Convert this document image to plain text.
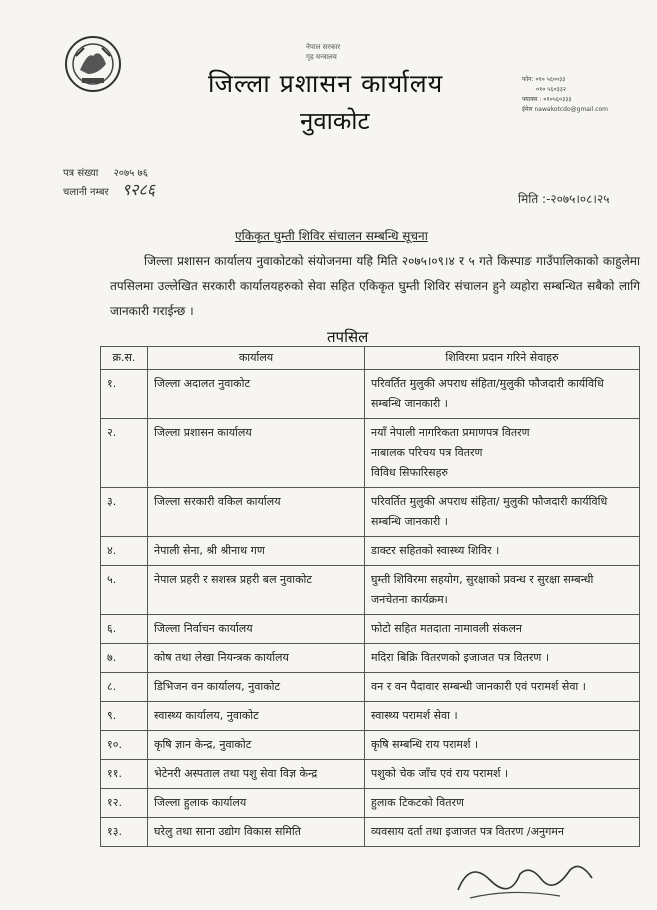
नेपाल सरकार
गृह मन्त्रालय
जिल्ला प्रशासन कार्यालय
नुवाकोट
फोन: ०१० ५६००३३
०१० ५६०३३२
फ्याक्स : ०१०५६०३३३
ईमेल nawakotcdo@gmail.com
पत्र संख्या २०७५ ७६
चलानी नम्बर ९२८६	मिति :-२०७५।०८।२५
एकिकृत घुम्ती शिविर संचालन सम्बन्धि सूचना
जिल्ला प्रशासन कार्यालय नुवाकोटको संयोजनमा यहि मिति २०७५।०९।४ र ५ गते किस्पाङ गाउँपालिकाको काहुलेमा तपसिलमा उल्लेखित सरकारी कार्यालयहरुको सेवा सहित एकिकृत घुम्ती शिविर संचालन हुने व्यहोरा सम्बन्धित सबैको लागि जानकारी गराईन्छ ।
तपसिल
क्र.स.	कार्यालय	शिविरमा प्रदान गरिने सेवाहरु
१.	जिल्ला अदालत नुवाकोट	परिवर्तित मुलुकी अपराध संहिता/मुलुकी फौजदारी कार्यविधि सम्बन्धि जानकारी ।
२.	जिल्ला प्रशासन कार्यालय	नयाँ नेपाली नागरिकता प्रमाणपत्र वितरण
नाबालक परिचय पत्र वितरण
विविध सिफारिसहरु

३.	जिल्ला सरकारी वकिल कार्यालय	परिवर्तित मुलुकी अपराध संहिता/ मुलुकी फौजदारी कार्यविधि सम्बन्धि जानकारी ।
४.	नेपाली सेना, श्री श्रीनाथ गण	डाक्टर सहितको स्वास्थ्य शिविर ।
५.	नेपाल प्रहरी र सशस्त्र प्रहरी बल नुवाकोट	घुम्ती शिविरमा सहयोग, सुरक्षाको प्रवन्ध र सुरक्षा सम्बन्धी जनचेतना कार्यक्रम।
६.	जिल्ला निर्वाचन कार्यालय	फोटो सहित मतदाता नामावली संकलन
७.	कोष तथा लेखा नियन्त्रक कार्यालय	मदिरा बिक्रि वितरणको इजाजत पत्र वितरण ।
८.	डिभिजन वन कार्यालय, नुवाकोट	वन र वन पैदावार सम्बन्धी जानकारी एवं परामर्श सेवा ।
९.	स्वास्थ्य कार्यालय, नुवाकोट	स्वास्थ्य परामर्श सेवा ।
१०.	कृषि ज्ञान केन्द्र, नुवाकोट	कृषि सम्बन्धि राय परामर्श ।
११.	भेटेनरी अस्पताल तथा पशु सेवा विज्ञ केन्द्र	पशुको चेक जाँच एवं राय परामर्श ।
१२.	जिल्ला हुलाक कार्यालय	हुलाक टिकटको वितरण
१३.	घरेलु तथा साना उद्योग विकास समिति	व्यवसाय दर्ता तथा इजाजत पत्र वितरण /अनुगमन
